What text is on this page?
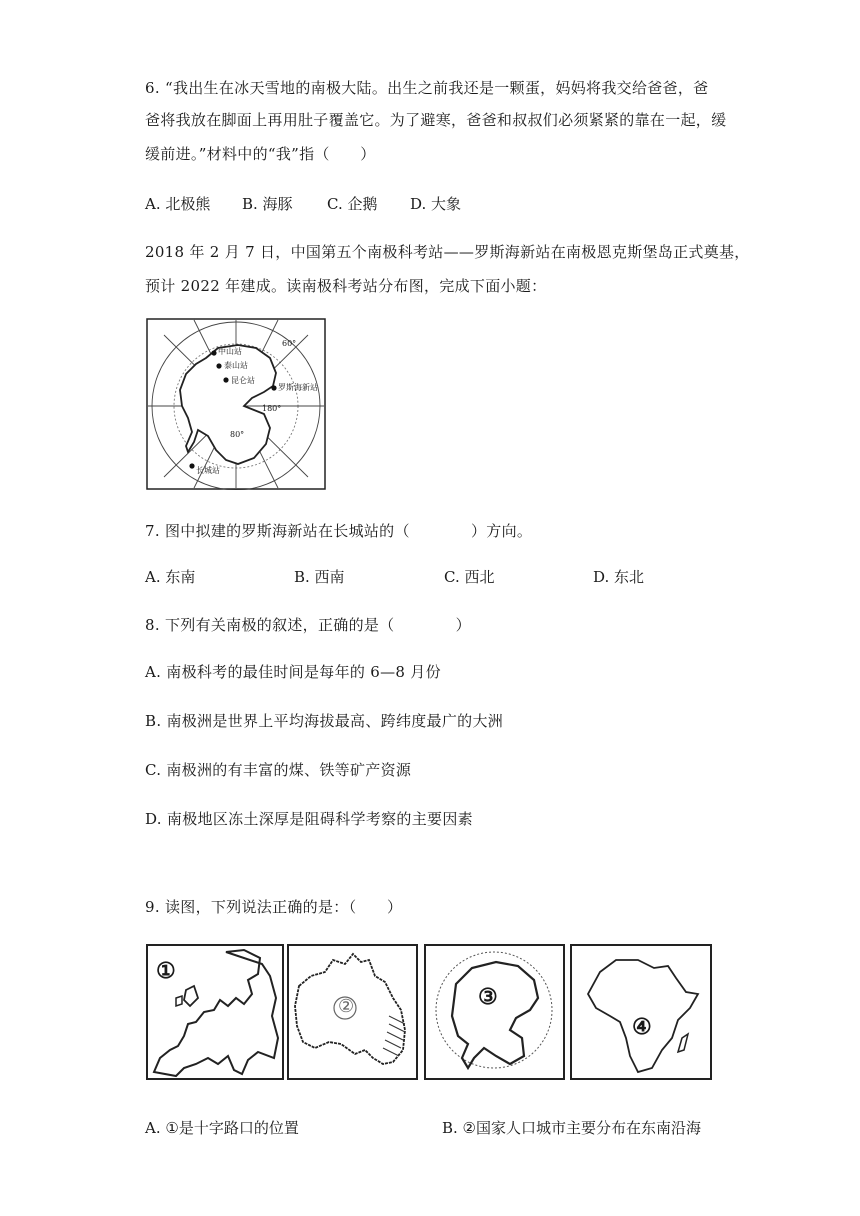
6. “我出生在冰天雪地的南极大陆。出生之前我还是一颗蛋，妈妈将我交给爸爸，爸
爸将我放在脚面上再用肚子覆盖它。为了避寒，爸爸和叔叔们必须紧紧的靠在一起，缓
缓前进。”材料中的“我”指（　　）
A. 北极熊 B. 海豚 C. 企鹅 D. 大象
2018 年 2 月 7 日，中国第五个南极科考站——罗斯海新站在南极恩克斯堡岛正式奠基，
预计 2022 年建成。读南极科考站分布图，完成下面小题：
中山站
泰山站
昆仑站
罗斯海新站
长城站
60°
180°
80°
7. 图中拟建的罗斯海新站在长城站的（　　　　）方向。
A. 东南	B. 西南	C. 西北	D. 东北
8. 下列有关南极的叙述，正确的是（　　　　）
A. 南极科考的最佳时间是每年的 6—8 月份
B. 南极洲是世界上平均海拔最高、跨纬度最广的大洲
C. 南极洲的有丰富的煤、铁等矿产资源
D. 南极地区冻土深厚是阻碍科学考察的主要因素
9. 读图，下列说法正确的是：（　　）
①
②	③
④
A. ①是十字路口的位置	B. ②国家人口城市主要分布在东南沿海
